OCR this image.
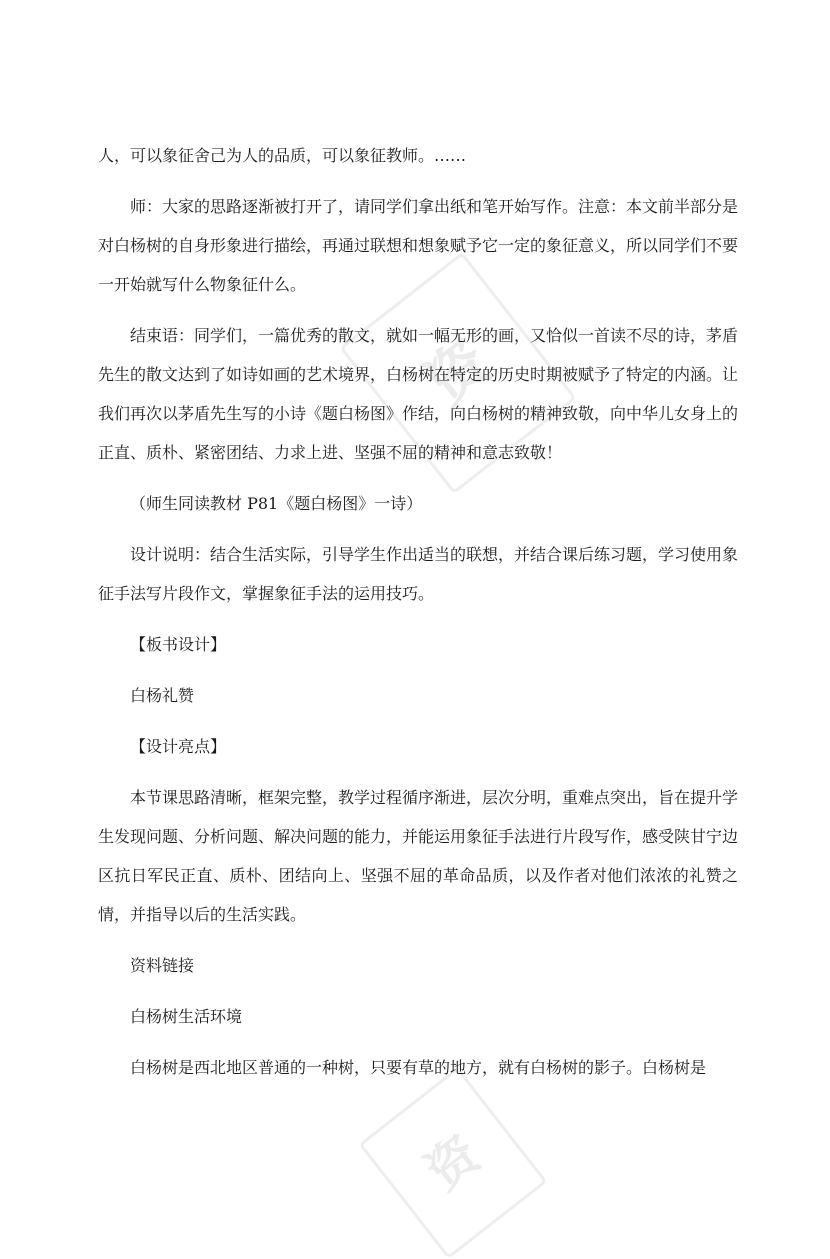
资
资

人，可以象征舍己为人的品质，可以象征教师。……

师：大家的思路逐渐被打开了，请同学们拿出纸和笔开始写作。注意：本文前半部分是对白杨树的自身形象进行描绘，再通过联想和想象赋予它一定的象征意义，所以同学们不要一开始就写什么物象征什么。

结束语：同学们，一篇优秀的散文，就如一幅无形的画，又恰似一首读不尽的诗，茅盾先生的散文达到了如诗如画的艺术境界，白杨树在特定的历史时期被赋予了特定的内涵。让我们再次以茅盾先生写的小诗《题白杨图》作结，向白杨树的精神致敬，向中华儿女身上的正直、质朴、紧密团结、力求上进、坚强不屈的精神和意志致敬！

（师生同读教材 P81《题白杨图》一诗）

设计说明：结合生活实际，引导学生作出适当的联想，并结合课后练习题，学习使用象征手法写片段作文，掌握象征手法的运用技巧。

【板书设计】

白杨礼赞

【设计亮点】

本节课思路清晰，框架完整，教学过程循序渐进，层次分明，重难点突出，旨在提升学生发现问题、分析问题、解决问题的能力，并能运用象征手法进行片段写作，感受陕甘宁边区抗日军民正直、质朴、团结向上、坚强不屈的革命品质，以及作者对他们浓浓的礼赞之情，并指导以后的生活实践。

资料链接

白杨树生活环境

白杨树是西北地区普通的一种树，只要有草的地方，就有白杨树的影子。白杨树是
